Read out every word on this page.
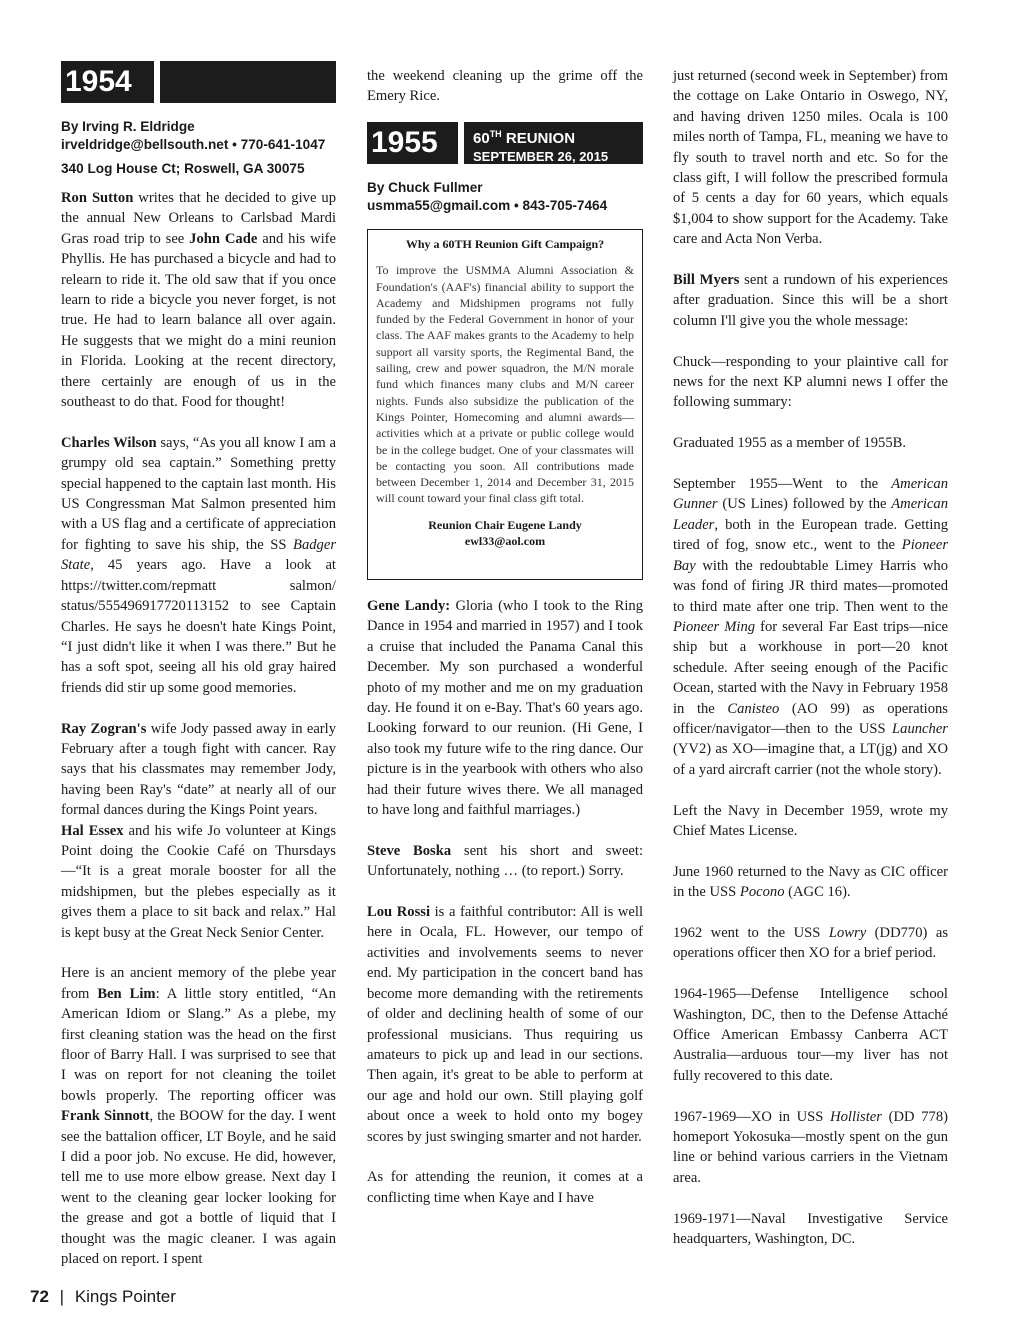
1954
By Irving R. Eldridge
irveldridge@bellsouth.net • 770-641-1047
340 Log House Ct; Roswell, GA 30075

Ron Sutton writes that he decided to give up the annual New Orleans to Carlsbad Mardi Gras road trip to see John Cade and his wife Phyllis. He has purchased a bicycle and had to relearn to ride it. The old saw that if you once learn to ride a bicycle you never forget, is not true. He had to learn balance all over again. He suggests that we might do a mini reunion in Florida. Looking at the recent directory, there certainly are enough of us in the southeast to do that. Food for thought!

Charles Wilson says, “As you all know I am a grumpy old sea captain.” Something pretty special happened to the captain last month. His US Congressman Mat Salmon presented him with a US flag and a certificate of appreciation for fighting to save his ship, the SS Badger State, 45 years ago. Have a look at https://twitter.com/repmatt salmon/ status/555496917720113152 to see Captain Charles. He says he doesn't hate Kings Point, “I just didn't like it when I was there.” But he has a soft spot, seeing all his old gray haired friends did stir up some good memories.

Ray Zogran's wife Jody passed away in early February after a tough fight with cancer. Ray says that his classmates may remember Jody, having been Ray's “date” at nearly all of our formal dances during the Kings Point years.

Hal Essex and his wife Jo volunteer at Kings Point doing the Cookie Café on Thursdays—“It is a great morale booster for all the midshipmen, but the plebes especially as it gives them a place to sit back and relax.” Hal is kept busy at the Great Neck Senior Center.

Here is an ancient memory of the plebe year from Ben Lim: A little story entitled, “An American Idiom or Slang.” As a plebe, my first cleaning station was the head on the first floor of Barry Hall. I was surprised to see that I was on report for not cleaning the toilet bowls properly. The reporting officer was Frank Sinnott, the BOOW for the day. I went see the battalion officer, LT Boyle, and he said I did a poor job. No excuse. He did, however, tell me to use more elbow grease. Next day I went to the cleaning gear locker looking for the grease and got a bottle of liquid that I thought was the magic cleaner. I was again placed on report. I spent

the weekend cleaning up the grime off the Emery Rice.

1955	60TH REUNION
SEPTEMBER 26, 2015
By Chuck Fullmer
usmma55@gmail.com • 843-705-7464

Why a 60TH Reunion Gift Campaign?

To improve the USMMA Alumni Association & Foundation's (AAF's) financial ability to support the Academy and Midshipmen programs not fully funded by the Federal Government in honor of your class. The AAF makes grants to the Academy to help support all varsity sports, the Regimental Band, the sailing, crew and power squadron, the M/N morale fund which finances many clubs and M/N career nights. Funds also subsidize the publication of the Kings Pointer, Homecoming and alumni awards—activities which at a private or public college would be in the college budget. One of your classmates will be contacting you soon. All contributions made between December 1, 2014 and December 31, 2015 will count toward your final class gift total.

Reunion Chair Eugene Landy

ewl33@aol.com

Gene Landy: Gloria (who I took to the Ring Dance in 1954 and married in 1957) and I took a cruise that included the Panama Canal this December. My son purchased a wonderful photo of my mother and me on my graduation day. He found it on e-Bay. That's 60 years ago. Looking forward to our reunion. (Hi Gene, I also took my future wife to the ring dance. Our picture is in the yearbook with others who also had their future wives there. We all managed to have long and faithful marriages.)

Steve Boska sent his short and sweet: Unfortunately, nothing … (to report.) Sorry.

Lou Rossi is a faithful contributor: All is well here in Ocala, FL. However, our tempo of activities and involvements seems to never end. My participation in the concert band has become more demanding with the retirements of older and declining health of some of our professional musicians. Thus requiring us amateurs to pick up and lead in our sections. Then again, it's great to be able to perform at our age and hold our own. Still playing golf about once a week to hold onto my bogey scores by just swinging smarter and not harder.

As for attending the reunion, it comes at a conflicting time when Kaye and I have

just returned (second week in September) from the cottage on Lake Ontario in Oswego, NY, and having driven 1250 miles. Ocala is 100 miles north of Tampa, FL, meaning we have to fly south to travel north and etc. So for the class gift, I will follow the prescribed formula of 5 cents a day for 60 years, which equals $1,004 to show support for the Academy. Take care and Acta Non Verba.

Bill Myers sent a rundown of his experiences after graduation. Since this will be a short column I'll give you the whole message:

Chuck—responding to your plaintive call for news for the next KP alumni news I offer the following summary:

Graduated 1955 as a member of 1955B.

September 1955—Went to the American Gunner (US Lines) followed by the American Leader, both in the European trade. Getting tired of fog, snow etc., went to the Pioneer Bay with the redoubtable Limey Harris who was fond of firing JR third mates—promoted to third mate after one trip. Then went to the Pioneer Ming for several Far East trips—nice ship but a workhouse in port—20 knot schedule. After seeing enough of the Pacific Ocean, started with the Navy in February 1958 in the Canisteo (AO 99) as operations officer/navigator—then to the USS Launcher (YV2) as XO—imagine that, a LT(jg) and XO of a yard aircraft carrier (not the whole story).

Left the Navy in December 1959, wrote my Chief Mates License.

June 1960 returned to the Navy as CIC officer in the USS Pocono (AGC 16).

1962 went to the USS Lowry (DD770) as operations officer then XO for a brief period.

1964-1965—Defense Intelligence school Washington, DC, then to the Defense Attaché Office American Embassy Canberra ACT Australia—arduous tour—my liver has not fully recovered to this date.

1967-1969—XO in USS Hollister (DD 778) homeport Yokosuka—mostly spent on the gun line or behind various carriers in the Vietnam area.

1969-1971—Naval Investigative Service headquarters, Washington, DC.

72 | Kings Pointer
